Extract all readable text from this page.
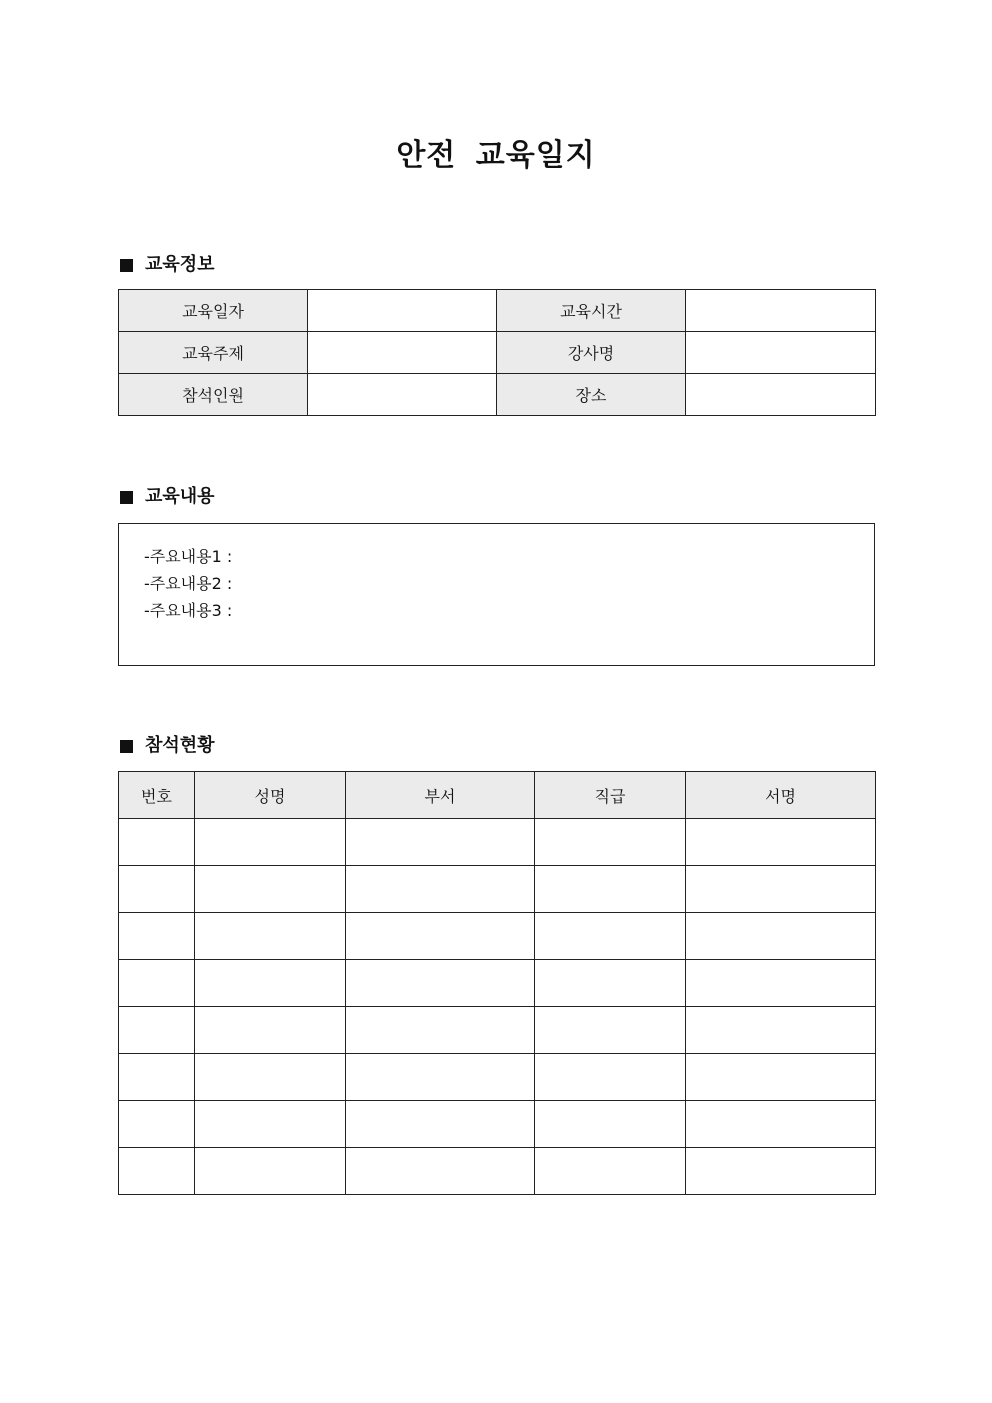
안전 교육일지
교육정보
교육일자		교육시간	
교육주제		강사명	
참석인원		장소	
교육내용
-주요내용1 :
-주요내용2 :
-주요내용3 :
참석현황
번호	성명	부서	직급	서명
